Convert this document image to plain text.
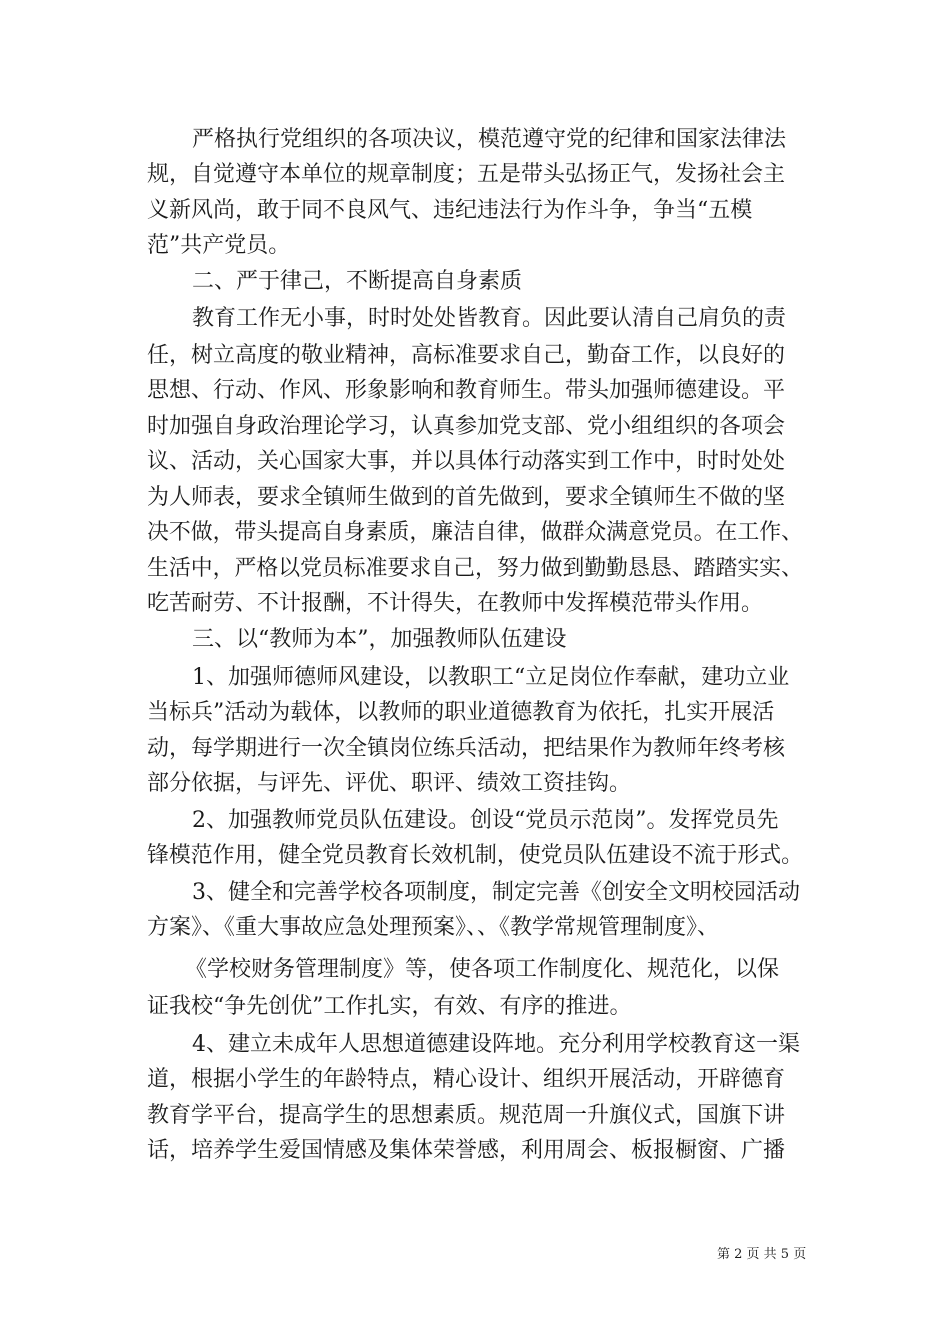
严格执行党组织的各项决议，模范遵守党的纪律和国家法律法
规，自觉遵守本单位的规章制度；五是带头弘扬正气，发扬社会主
义新风尚，敢于同不良风气、违纪违法行为作斗争，争当“五模
范”共产党员。
二、严于律己，不断提高自身素质
教育工作无小事，时时处处皆教育。因此要认清自己肩负的责
任，树立高度的敬业精神，高标准要求自己，勤奋工作，以良好的
思想、行动、作风、形象影响和教育师生。带头加强师德建设。平
时加强自身政治理论学习，认真参加党支部、党小组组织的各项会
议、活动，关心国家大事，并以具体行动落实到工作中，时时处处
为人师表，要求全镇师生做到的首先做到，要求全镇师生不做的坚
决不做，带头提高自身素质，廉洁自律，做群众满意党员。在工作、
生活中，严格以党员标准要求自己，努力做到勤勤恳恳、踏踏实实、
吃苦耐劳、不计报酬，不计得失，在教师中发挥模范带头作用。
三、以“教师为本”，加强教师队伍建设
1、加强师德师风建设，以教职工“立足岗位作奉献，建功立业
当标兵”活动为载体，以教师的职业道德教育为依托，扎实开展活
动，每学期进行一次全镇岗位练兵活动，把结果作为教师年终考核
部分依据，与评先、评优、职评、绩效工资挂钩。
2、加强教师党员队伍建设。创设“党员示范岗”。发挥党员先
锋模范作用，健全党员教育长效机制，使党员队伍建设不流于形式。
3、健全和完善学校各项制度，制定完善《创安全文明校园活动
方案》、《重大事故应急处理预案》、、《教学常规管理制度》、
《学校财务管理制度》等，使各项工作制度化、规范化，以保
证我校“争先创优”工作扎实，有效、有序的推进。
4、建立未成年人思想道德建设阵地。充分利用学校教育这一渠
道，根据小学生的年龄特点，精心设计、组织开展活动，开辟德育
教育学平台，提高学生的思想素质。规范周一升旗仪式，国旗下讲
话，培养学生爱国情感及集体荣誉感，利用周会、板报橱窗、广播
第 2 页 共 5 页
